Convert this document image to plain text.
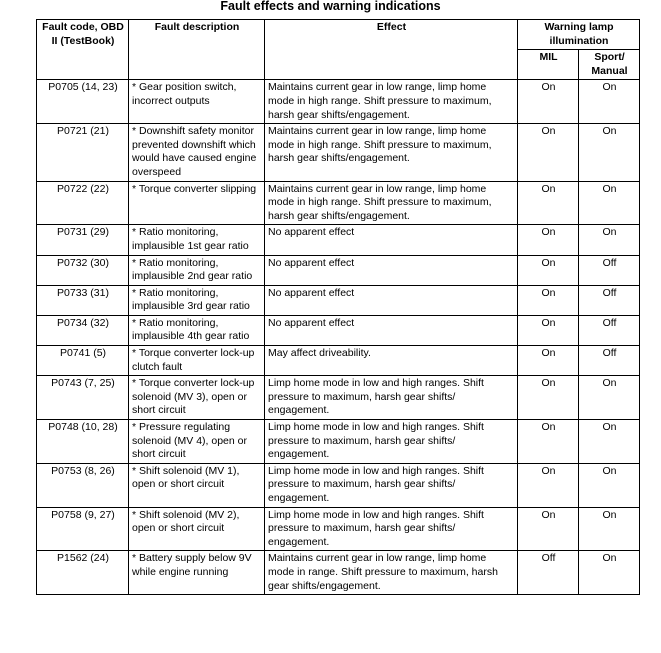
Fault effects and warning indications
Fault code, OBD II (TestBook)	Fault description	Effect	Warning lamp illumination	
			MIL	Sport/ Manual
P0705 (14, 23)	* Gear position switch, incorrect outputs	Maintains current gear in low range, limp home mode in high range. Shift pressure to maximum, harsh gear shifts/engagement.	On	On
P0721 (21)	* Downshift safety monitor prevented downshift which would have caused engine overspeed	Maintains current gear in low range, limp home mode in high range. Shift pressure to maximum, harsh gear shifts/engagement.	On	On
P0722 (22)	* Torque converter slipping	Maintains current gear in low range, limp home mode in high range. Shift pressure to maximum, harsh gear shifts/engagement.	On	On
P0731 (29)	* Ratio monitoring, implausible 1st gear ratio	No apparent effect	On	On
P0732 (30)	* Ratio monitoring, implausible 2nd gear ratio	No apparent effect	On	Off
P0733 (31)	* Ratio monitoring, implausible 3rd gear ratio	No apparent effect	On	Off
P0734 (32)	* Ratio monitoring, implausible 4th gear ratio	No apparent effect	On	Off
P0741 (5)	* Torque converter lock-up clutch fault	May affect driveability.	On	Off
P0743 (7, 25)	* Torque converter lock-up solenoid (MV 3), open or short circuit	Limp home mode in low and high ranges. Shift pressure to maximum, harsh gear shifts/ engagement.	On	On
P0748 (10, 28)	* Pressure regulating solenoid (MV 4), open or short circuit	Limp home mode in low and high ranges. Shift pressure to maximum, harsh gear shifts/ engagement.	On	On
P0753 (8, 26)	* Shift solenoid (MV 1), open or short circuit	Limp home mode in low and high ranges. Shift pressure to maximum, harsh gear shifts/ engagement.	On	On
P0758 (9, 27)	* Shift solenoid (MV 2), open or short circuit	Limp home mode in low and high ranges. Shift pressure to maximum, harsh gear shifts/ engagement.	On	On
P1562 (24)	* Battery supply below 9V while engine running	Maintains current gear in low range, limp home mode in range. Shift pressure to maximum, harsh gear shifts/engagement.	Off	On
